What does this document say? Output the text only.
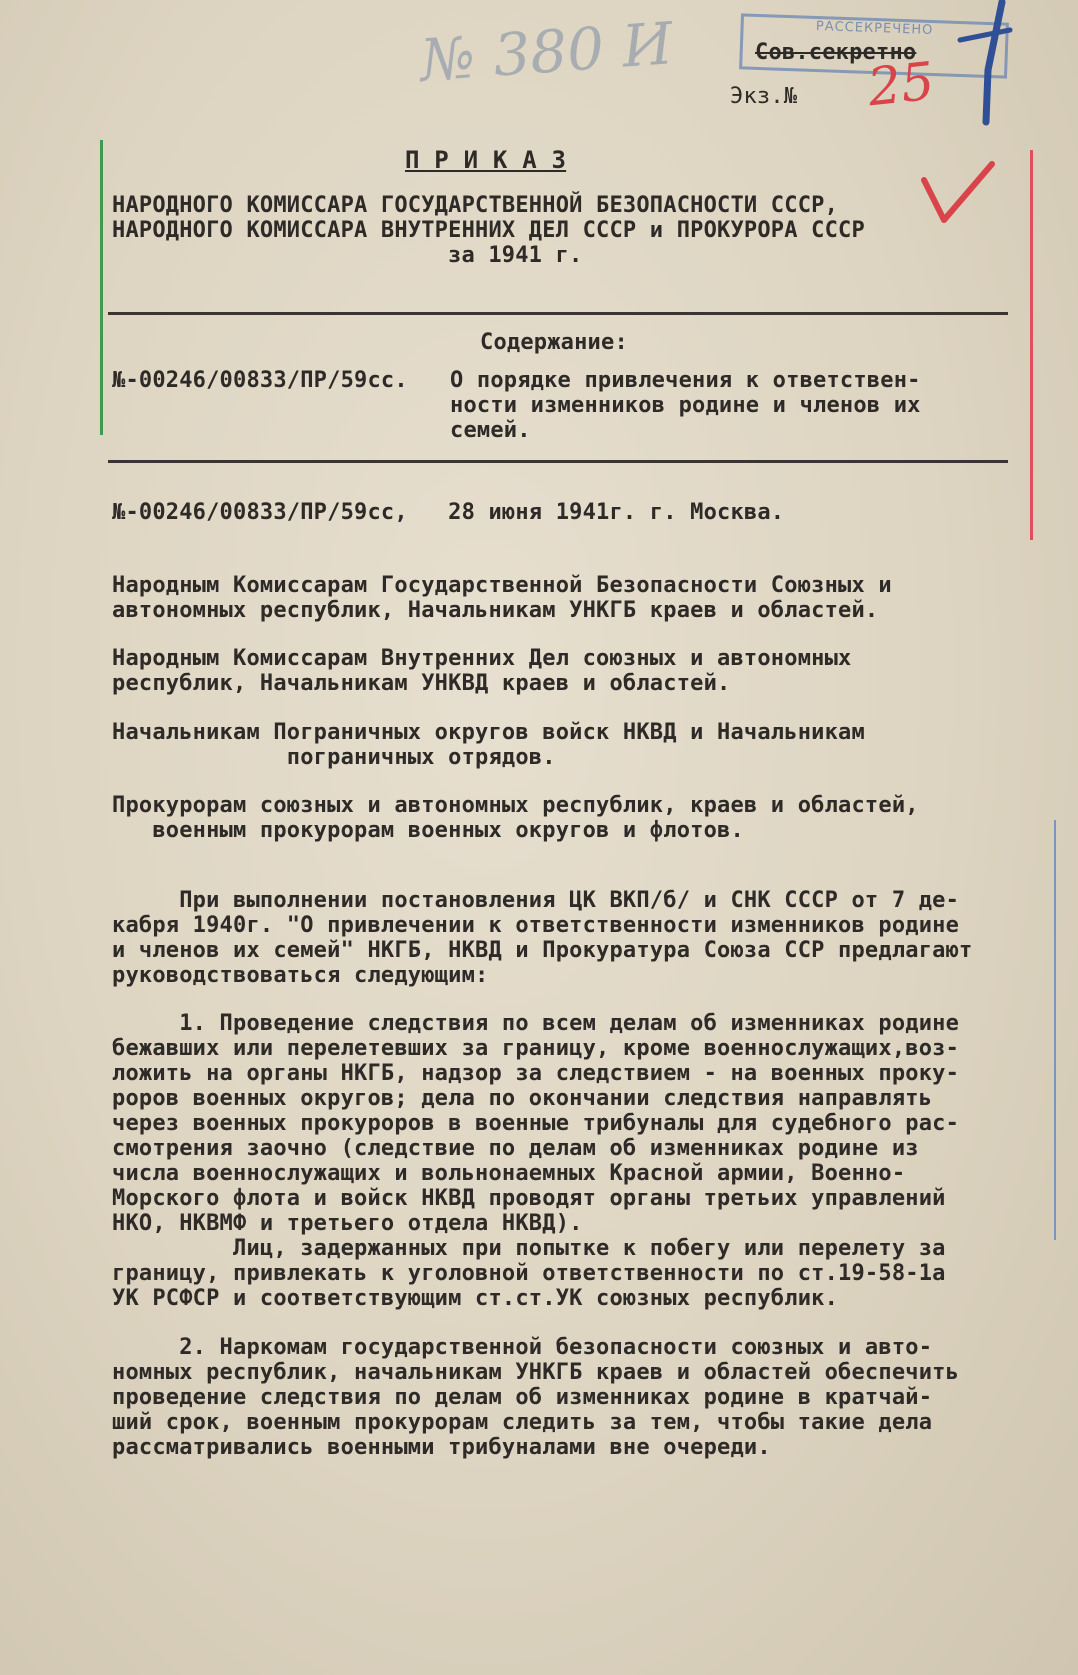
РАССЕКРЕЧЕНО
№ 380 И	Сов.секретно
Экз.№ 25
П Р И К А З
НАРОДНОГО КОМИССАРА ГОСУДАРСТВЕННОЙ БЕЗОПАСНОСТИ СССР,
НАРОДНОГО КОМИССАРА ВНУТРЕННИХ ДЕЛ СССР и ПРОКУРОРА СССР
за 1941 г.
Содержание:
№-00246/00833/ПР/59сс. О порядке привлечения к ответствен-
ности изменников родине и членов их
семей.
№-00246/00833/ПР/59сс,   28 июня 1941г. г. Москва.
Народным Комиссарам Государственной Безопасности Союзных и
автономных республик, Начальникам УНКГБ краев и областей.
Народным Комиссарам Внутренних Дел союзных и автономных
республик, Начальникам УНКВД краев и областей.
Начальникам Пограничных округов войск НКВД и Начальникам
пограничных отрядов.
Прокурорам союзных и автономных республик, краев и областей,
военным прокурорам военных округов и флотов.
При выполнении постановления ЦК ВКП/б/ и СНК СССР от 7 де-
кабря 1940г. "О привлечении к ответственности изменников родине
и членов их семей" НКГБ, НКВД и Прокуратура Союза ССР предлагают
руководствоваться следующим:
1. Проведение следствия по всем делам об изменниках родине
бежавших или перелетевших за границу, кроме военнослужащих,воз-
ложить на органы НКГБ, надзор за следствием - на военных проку-
роров военных округов; дела по окончании следствия направлять
через военных прокуроров в военные трибуналы для судебного рас-
смотрения заочно (следствие по делам об изменниках родине из
числа военнослужащих и вольнонаемных Красной армии, Военно-
Морского флота и войск НКВД проводят органы третьих управлений
НКО, НКВМФ и третьего отдела НКВД).
Лиц, задержанных при попытке к побегу или перелету за
границу, привлекать к уголовной ответственности по ст.19-58-1а
УК РСФСР и соответствующим ст.ст.УК союзных республик.
2. Наркомам государственной безопасности союзных и авто-
номных республик, начальникам УНКГБ краев и областей обеспечить
проведение следствия по делам об изменниках родине в кратчай-
ший срок, военным прокурорам следить за тем, чтобы такие дела
рассматривались военными трибуналами вне очереди.
